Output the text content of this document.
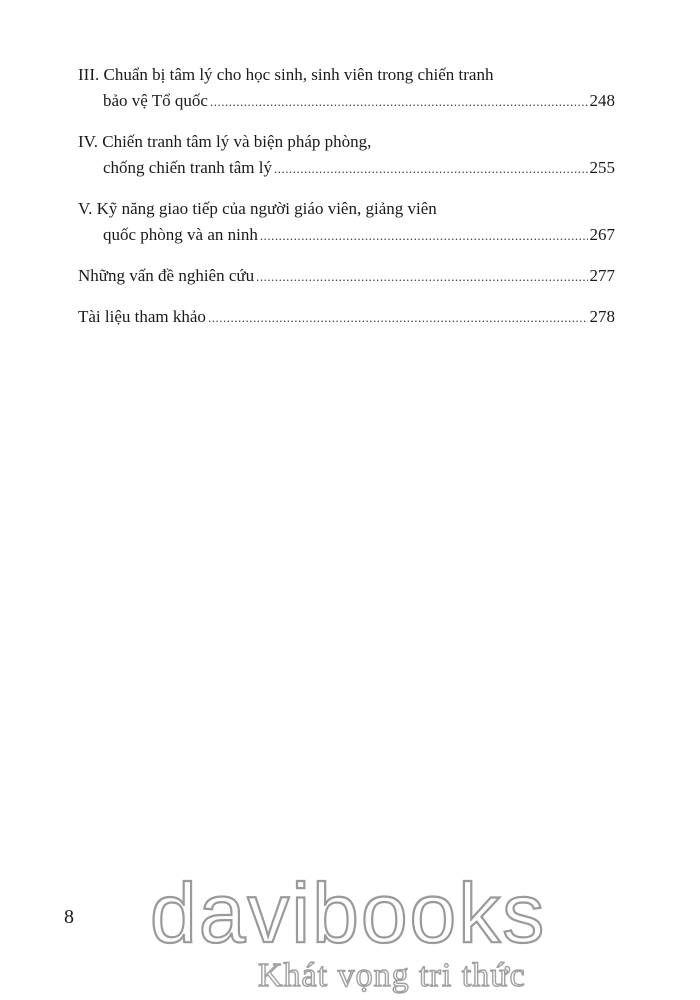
III. Chuẩn bị tâm lý cho học sinh, sinh viên trong chiến tranh
bảo vệ Tổ quốc .....	248
IV. Chiến tranh tâm lý và biện pháp phòng,
chống chiến tranh tâm lý .....	255
V. Kỹ năng giao tiếp của người giáo viên, giảng viên
quốc phòng và an ninh .....	267
Những vấn đề nghiên cứu .....	277
Tài liệu tham khảo .....	278
8 davibooks
Khát vọng tri thức
